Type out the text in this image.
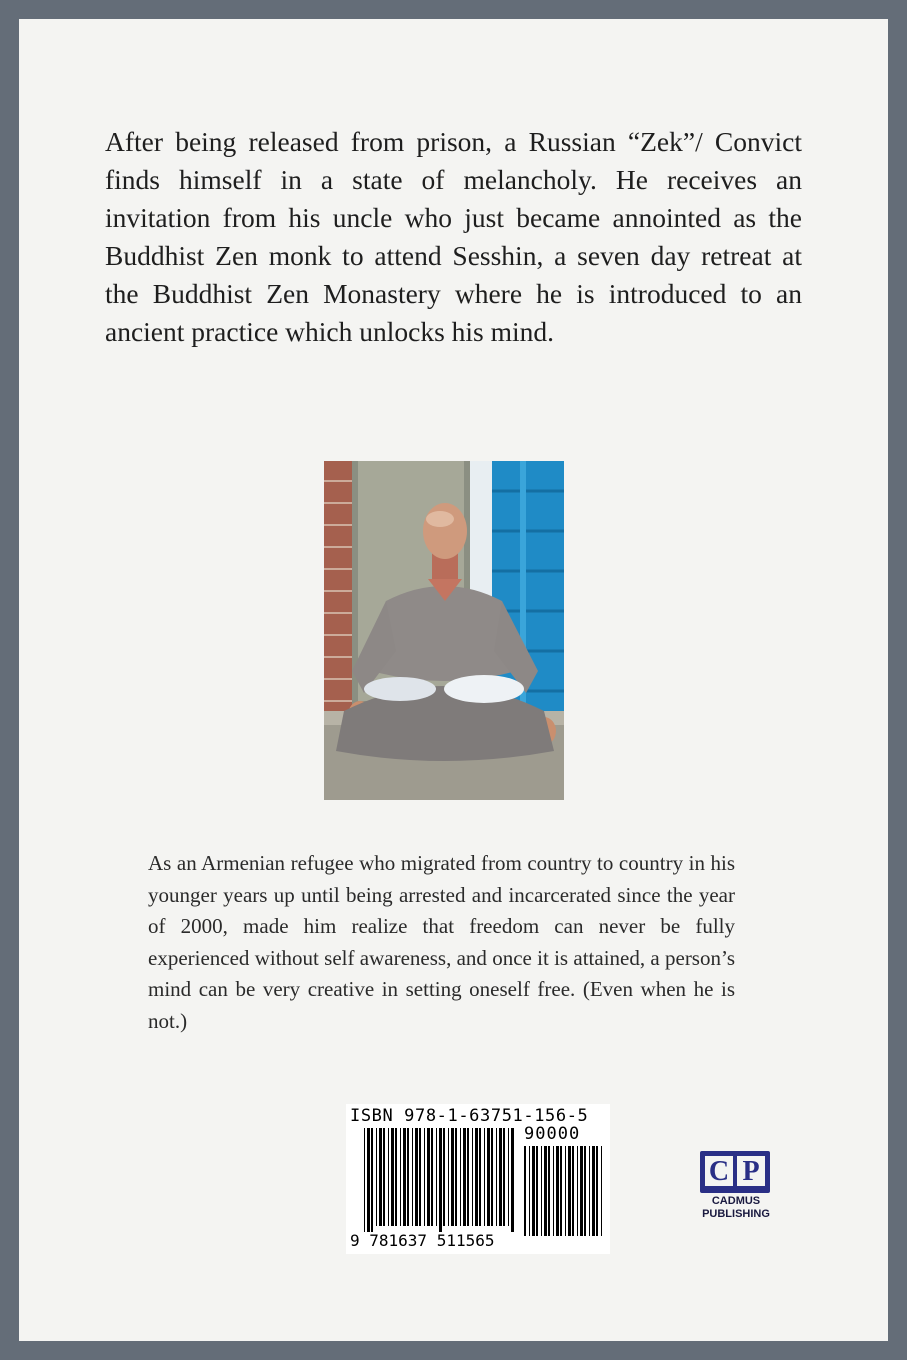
After being released from prison, a Russian “Zek”/ Convict finds himself in a state of melancholy. He receives an invitation from his uncle who just became annointed as the Buddhist Zen monk to attend Sesshin, a seven day retreat at the Buddhist Zen Monastery where he is introduced to an ancient practice which unlocks his mind.

As an Armenian refugee who migrated from country to country in his younger years up until being arrested and incarcerated since the year of 2000, made him realize that freedom can never be fully experienced without self awareness, and once it is attained, a person’s mind can be very creative in setting oneself free. (Even when he is not.)

ISBN 978-1-63751-156-5
90000
9 781637 511565
C P
CADMUS
PUBLISHING
